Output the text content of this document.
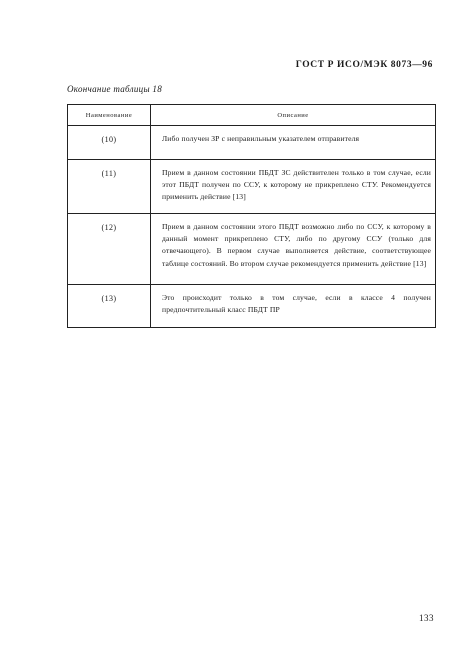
ГОСТ Р ИСО/МЭК 8073—96
Окончание таблицы 18
Наименование	Описание
(10)	Либо получен ЗР с неправильным указателем отправителя
(11)	Прием в данном состоянии ПБДТ ЗС действителен только в том случае, если этот ПБДТ получен по ССУ, к которому не прикреплено СТУ. Рекомендуется применить действие [13]
(12)	Прием в данном состоянии этого ПБДТ возможно либо по ССУ, к которому в данный момент прикреплено СТУ, либо по другому ССУ (только для отвечающего). В первом случае выполняется действие, соответствующее таблице состояний. Во втором случае рекомендуется применить действие [13]
(13)	Это происходит только в том случае, если в классе 4 получен предпочтительный класс ПБДТ ПР
133
